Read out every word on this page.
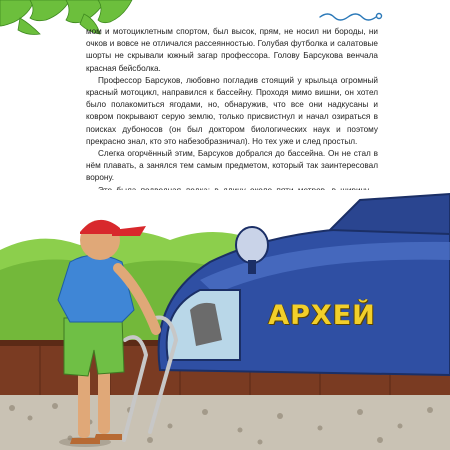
мом и мотоциклетным спортом, был высок, прям, не носил ни бороды, ни очков и вовсе не отличался рассеянностью. Голубая футболка и салатовые шорты не скрывали южный загар профессора. Голову Барсукова венчала красная бейсболка.

Профессор Барсуков, любовно погладив стоящий у крыльца огромный красный мотоцикл, направился к бассейну. Проходя мимо вишни, он хотел было полакомиться ягодами, но, обнаружив, что все они надкусаны и ковром покрывают серую землю, только присвистнул и начал озираться в поисках дубоносов (он был доктором биологических наук и поэтому прекрасно знал, кто это набезобразничал). Но тех уже и след простыл.

Слегка огорчённый этим, Барсуков добрался до бассейна. Он не стал в нём плавать, а занялся тем самым предметом, который так заинтересовал ворону.

АРХЕЙ
